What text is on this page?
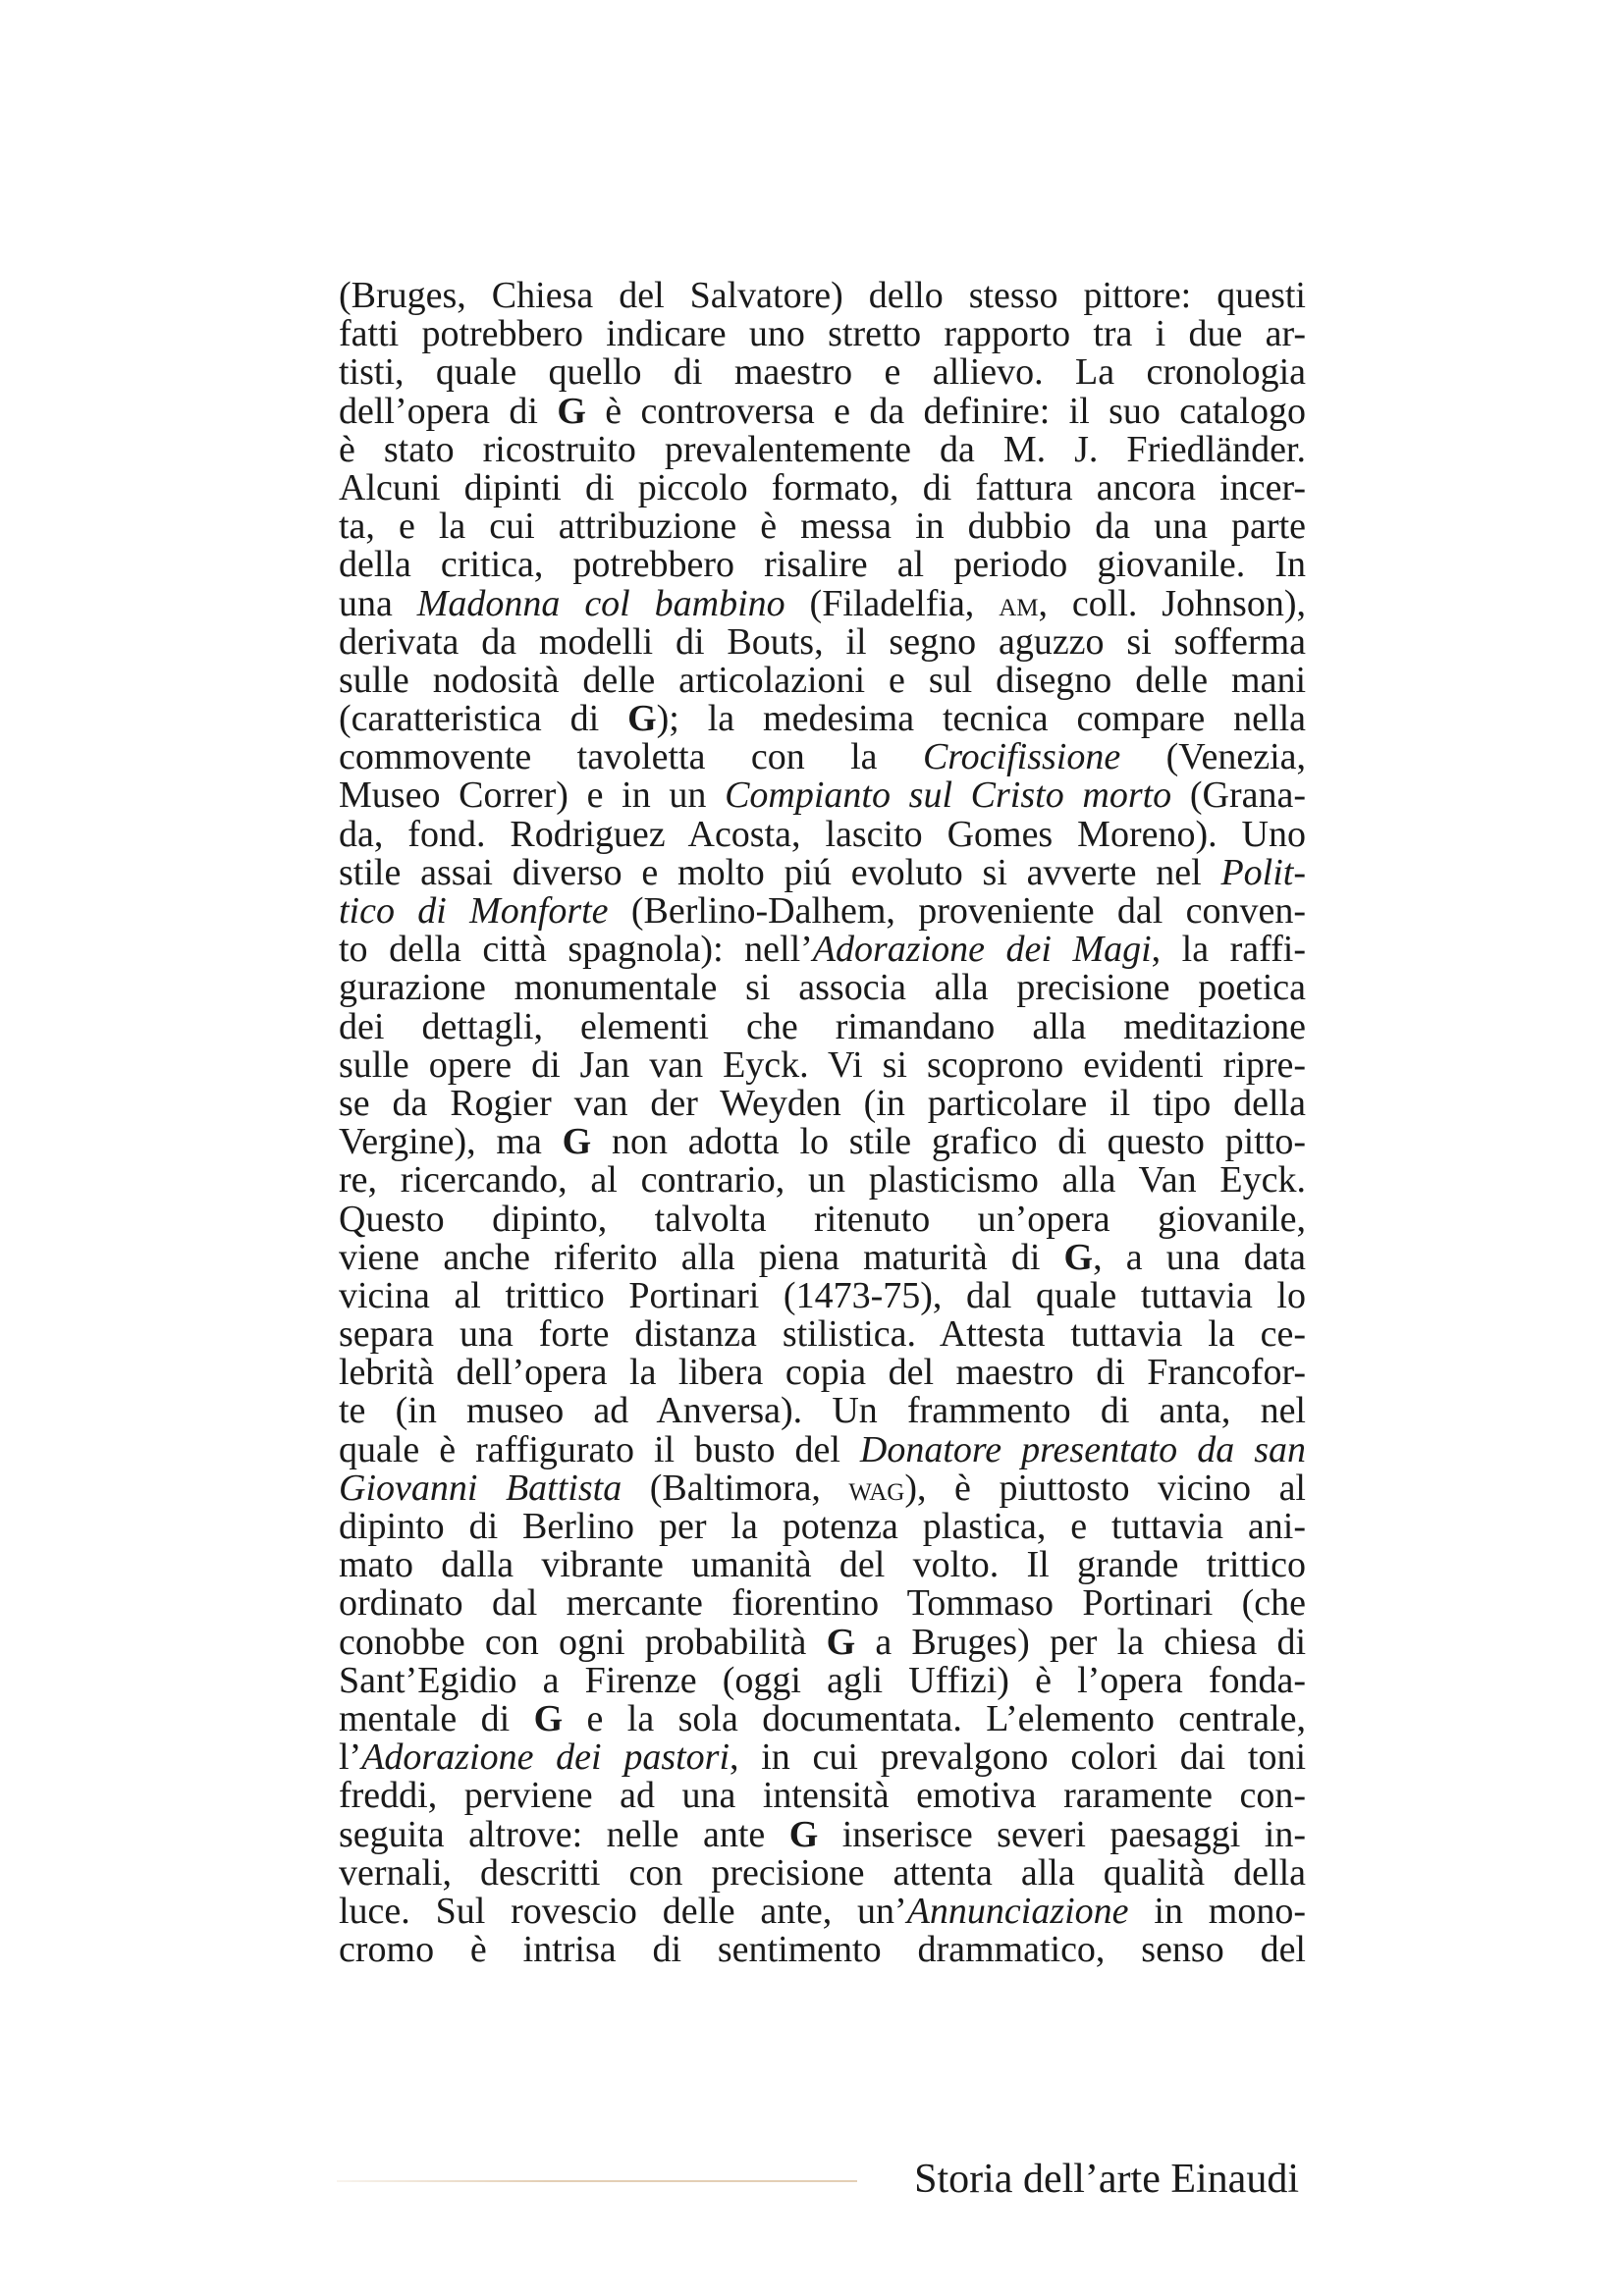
(Bruges, Chiesa del Salvatore) dello stesso pittore: questi
fatti potrebbero indicare uno stretto rapporto tra i due ar-
tisti, quale quello di maestro e allievo. La cronologia
dell’opera di G è controversa e da definire: il suo catalogo
è stato ricostruito prevalentemente da M. J. Friedländer.
Alcuni dipinti di piccolo formato, di fattura ancora incer-
ta, e la cui attribuzione è messa in dubbio da una parte
della critica, potrebbero risalire al periodo giovanile. In
una Madonna col bambino (Filadelfia, am, coll. Johnson),
derivata da modelli di Bouts, il segno aguzzo si sofferma
sulle nodosità delle articolazioni e sul disegno delle mani
(caratteristica di G); la medesima tecnica compare nella
commovente tavoletta con la Crocifissione (Venezia,
Museo Correr) e in un Compianto sul Cristo morto (Grana-
da, fond. Rodriguez Acosta, lascito Gomes Moreno). Uno
stile assai diverso e molto piú evoluto si avverte nel Polit-
tico di Monforte (Berlino-Dalhem, proveniente dal conven-
to della città spagnola): nell’Adorazione dei Magi, la raffi-
gurazione monumentale si associa alla precisione poetica
dei dettagli, elementi che rimandano alla meditazione
sulle opere di Jan van Eyck. Vi si scoprono evidenti ripre-
se da Rogier van der Weyden (in particolare il tipo della
Vergine), ma G non adotta lo stile grafico di questo pitto-
re, ricercando, al contrario, un plasticismo alla Van Eyck.
Questo dipinto, talvolta ritenuto un’opera giovanile,
viene anche riferito alla piena maturità di G, a una data
vicina al trittico Portinari (1473-75), dal quale tuttavia lo
separa una forte distanza stilistica. Attesta tuttavia la ce-
lebrità dell’opera la libera copia del maestro di Francofor-
te (in museo ad Anversa). Un frammento di anta, nel
quale è raffigurato il busto del Donatore presentato da san
Giovanni Battista (Baltimora, wag), è piuttosto vicino al
dipinto di Berlino per la potenza plastica, e tuttavia ani-
mato dalla vibrante umanità del volto. Il grande trittico
ordinato dal mercante fiorentino Tommaso Portinari (che
conobbe con ogni probabilità G a Bruges) per la chiesa di
Sant’Egidio a Firenze (oggi agli Uffizi) è l’opera fonda-
mentale di G e la sola documentata. L’elemento centrale,
l’Adorazione dei pastori, in cui prevalgono colori dai toni
freddi, perviene ad una intensità emotiva raramente con-
seguita altrove: nelle ante G inserisce severi paesaggi in-
vernali, descritti con precisione attenta alla qualità della
luce. Sul rovescio delle ante, un’Annunciazione in mono-
cromo è intrisa di sentimento drammatico, senso del
Storia dell’arte Einaudi
